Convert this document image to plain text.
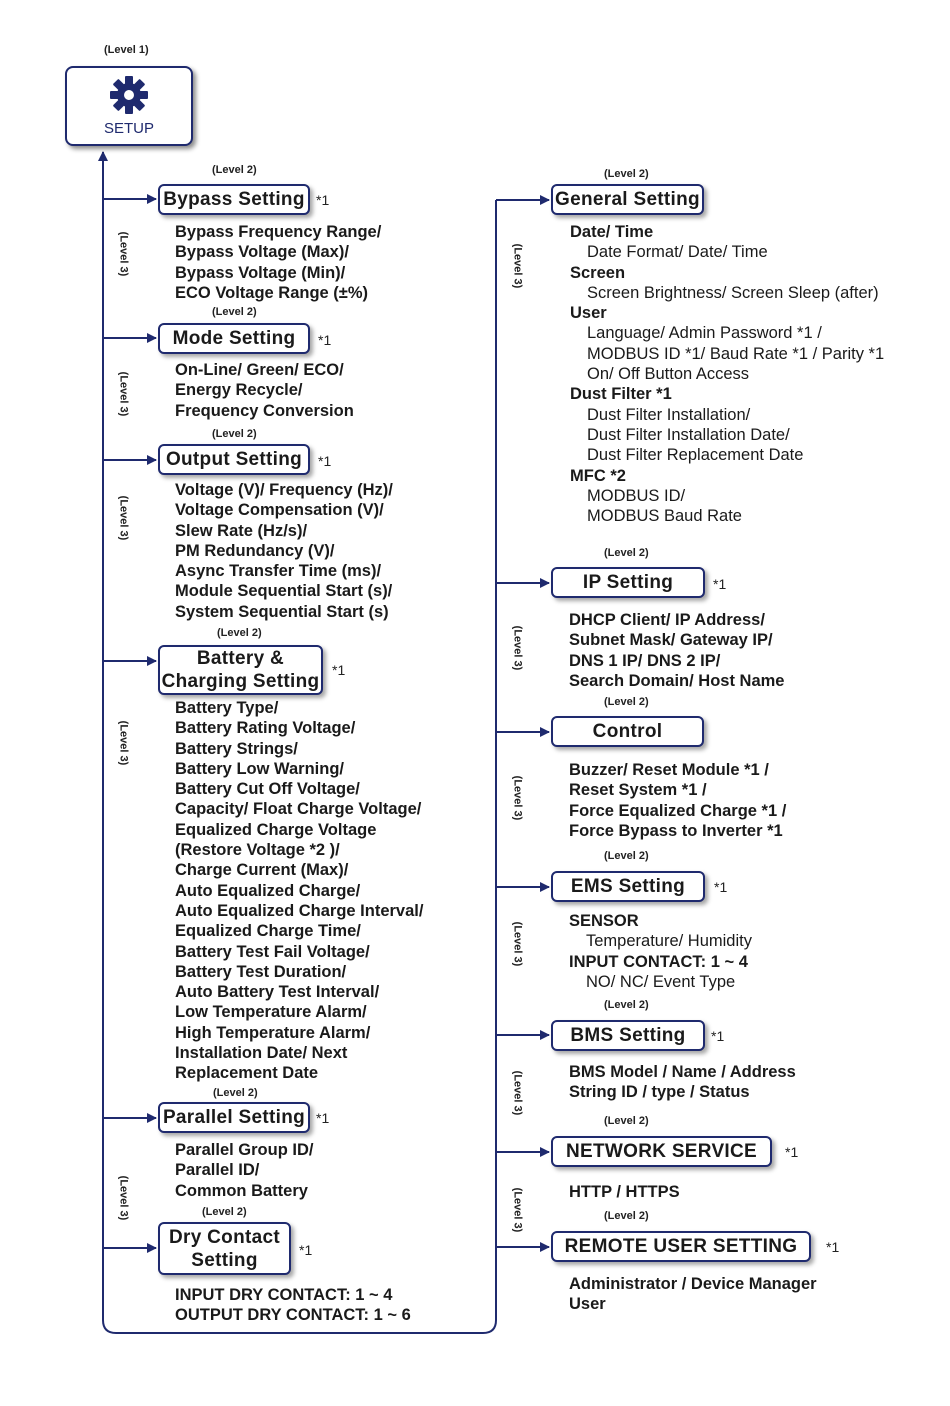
(Level 1)
SETUP
(Level 2)
Bypass Setting *1
Bypass Frequency Range/
Bypass Voltage (Max)/
Bypass Voltage (Min)/
ECO Voltage Range (±%)
(Level 3)
(Level 2)
Mode Setting *1
On-Line/ Green/ ECO/
Energy Recycle/
Frequency Conversion
(Level 3)
(Level 2)
Output Setting *1
Voltage (V)/ Frequency (Hz)/
Voltage Compensation (V)/
Slew Rate (Hz/s)/
PM Redundancy (V)/
Async Transfer Time (ms)/
Module Sequential Start (s)/
System Sequential Start (s)
(Level 3)
(Level 2)
Battery &
Charging Setting
*1
Battery Type/
Battery Rating Voltage/
Battery Strings/
Battery Low Warning/
Battery Cut Off Voltage/
Capacity/ Float Charge Voltage/
Equalized Charge Voltage
(Restore Voltage *2 )/
Charge Current (Max)/
Auto Equalized Charge/
Auto Equalized Charge Interval/
Equalized Charge Time/
Battery Test Fail Voltage/
Battery Test Duration/
Auto Battery Test Interval/
Low Temperature Alarm/
High Temperature Alarm/
Installation Date/ Next
Replacement Date
(Level 3)
(Level 2)
Parallel Setting *1
Parallel Group ID/
Parallel ID/
Common Battery
(Level 3)	(Level 2)
Dry Contact
Setting	*1
INPUT DRY CONTACT: 1 ~ 4
OUTPUT DRY CONTACT: 1 ~ 6
(Level 2)
General Setting
Date/ Time
Date Format/ Date/ Time
Screen
Screen Brightness/ Screen Sleep (after)
User
Language/ Admin Password *1 /
MODBUS ID *1/ Baud Rate *1 / Parity *1
On/ Off Button Access
Dust Filter *1
Dust Filter Installation/
Dust Filter Installation Date/
Dust Filter Replacement Date
MFC *2
MODBUS ID/
MODBUS Baud Rate
(Level 3)
(Level 2)
IP Setting	*1
DHCP Client/ IP Address/
Subnet Mask/ Gateway IP/
DNS 1 IP/ DNS 2 IP/
Search Domain/ Host Name
(Level 3)
(Level 2)
Control
Buzzer/ Reset Module *1 /
Reset System *1 /
Force Equalized Charge *1 /
Force Bypass to Inverter *1
(Level 3)
(Level 2)
EMS Setting *1
SENSOR
Temperature/ Humidity
INPUT CONTACT: 1 ~ 4
NO/ NC/ Event Type
(Level 3)
(Level 2)
BMS Setting *1
BMS Model / Name / Address
String ID / type / Status
(Level 3)
(Level 2)
NETWORK SERVICE *1
HTTP / HTTPS
(Level 3)	(Level 2)
REMOTE USER SETTING *1
Administrator / Device Manager
User
